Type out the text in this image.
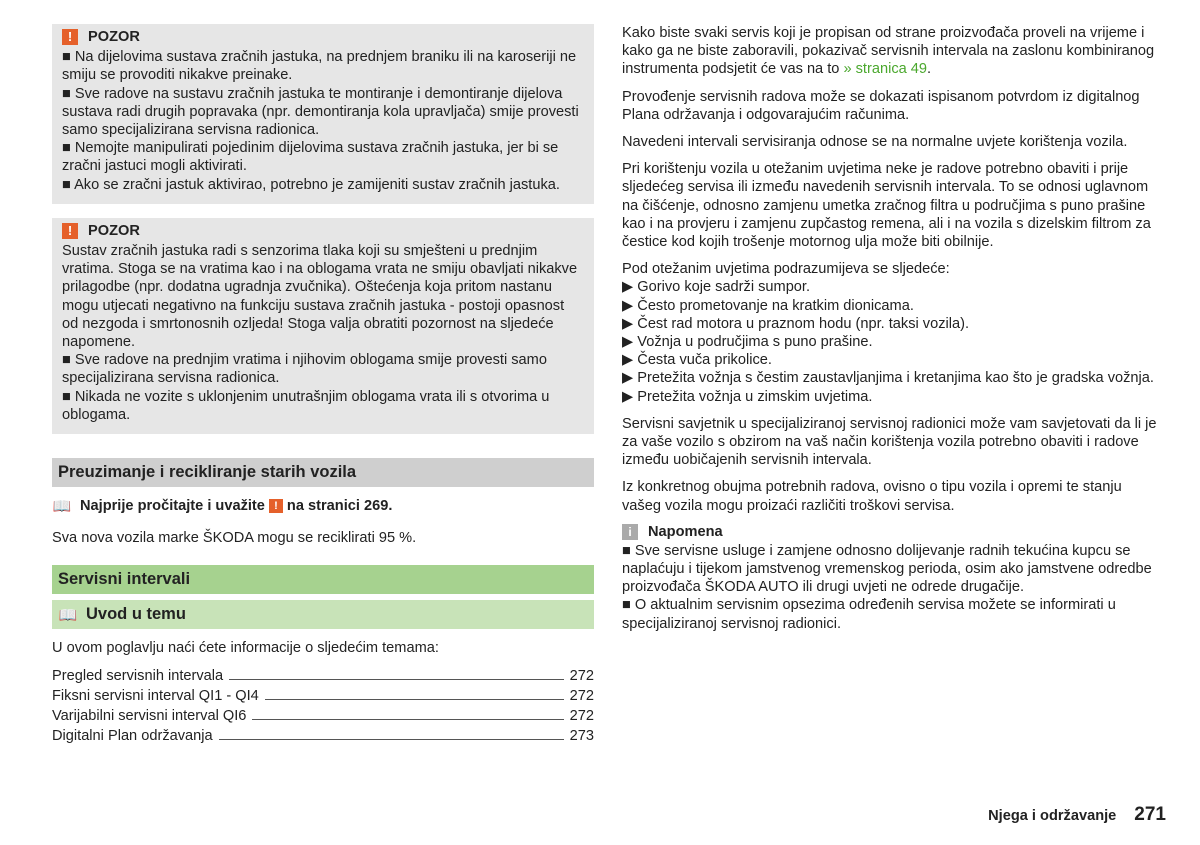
!	POZOR

■ Na dijelovima sustava zračnih jastuka, na prednjem braniku ili na karoseriji ne smiju se provoditi nikakve preinake.

■ Sve radove na sustavu zračnih jastuka te montiranje i demontiranje dijelova sustava radi drugih popravaka (npr. demontiranja kola upravljača) smije provesti samo specijalizirana servisna radionica.

■ Nemojte manipulirati pojedinim dijelovima sustava zračnih jastuka, jer bi se zračni jastuci mogli aktivirati.

■ Ako se zračni jastuk aktivirao, potrebno je zamijeniti sustav zračnih jastuka.

!	POZOR

Sustav zračnih jastuka radi s senzorima tlaka koji su smješteni u prednjim vratima. Stoga se na vratima kao i na oblogama vrata ne smiju obavljati nikakve prilagodbe (npr. dodatna ugradnja zvučnika). Oštećenja koja pritom nastanu mogu utjecati negativno na funkciju sustava zračnih jastuka - postoji opasnost od nezgoda i smrtonosnih ozljeda! Stoga valja obratiti pozornost na sljedeće napomene.

■ Sve radove na prednjim vratima i njihovim oblogama smije provesti samo specijalizirana servisna radionica.

■ Nikada ne vozite s uklonjenim unutrašnjim oblogama vrata ili s otvorima u oblogama.

Preuzimanje i recikliranje starih vozila
📖 Najprije pročitajte i uvažite ! na stranici 269.

Sva nova vozila marke ŠKODA mogu se reciklirati 95 %.

Servisni intervali
📖 Uvod u temu

U ovom poglavlju naći ćete informacije o sljedećim temama:

Pregled servisnih intervala	272
Fiksni servisni interval QI1 - QI4	272
Varijabilni servisni interval QI6	272
Digitalni Plan održavanja	273

Kako biste svaki servis koji je propisan od strane proizvođača proveli na vrijeme i kako ga ne biste zaboravili, pokazivač servisnih intervala na zaslonu kombiniranog instrumenta podsjetit će vas na to » stranica 49.

Provođenje servisnih radova može se dokazati ispisanom potvrdom iz digitalnog Plana održavanja i odgovarajućim računima.

Navedeni intervali servisiranja odnose se na normalne uvjete korištenja vozila.

Pri korištenju vozila u otežanim uvjetima neke je radove potrebno obaviti i prije sljedećeg servisa ili između navedenih servisnih intervala. To se odnosi uglavnom na čišćenje, odnosno zamjenu umetka zračnog filtra u područjima s puno prašine kao i na provjeru i zamjenu zupčastog remena, ali i na vozila s dizelskim filtrom za čestice kod kojih trošenje motornog ulja može biti obilnije.

Pod otežanim uvjetima podrazumijeva se sljedeće:

▶ Gorivo koje sadrži sumpor.
▶ Često prometovanje na kratkim dionicama.
▶ Čest rad motora u praznom hodu (npr. taksi vozila).
▶ Vožnja u područjima s puno prašine.
▶ Česta vuča prikolice.
▶ Pretežita vožnja s čestim zaustavljanjima i kretanjima kao što je gradska vožnja.
▶ Pretežita vožnja u zimskim uvjetima.

Servisni savjetnik u specijaliziranoj servisnoj radionici može vam savjetovati da li je za vaše vozilo s obzirom na vaš način korištenja vozila potrebno obaviti i radove između uobičajenih servisnih intervala.

Iz konkretnog obujma potrebnih radova, ovisno o tipu vozila i opremi te stanju vašeg vozila mogu proizaći različiti troškovi servisa.

i	Napomena

■ Sve servisne usluge i zamjene odnosno dolijevanje radnih tekućina kupcu se naplaćuju i tijekom jamstvenog vremenskog perioda, osim ako jamstvene odredbe proizvođača ŠKODA AUTO ili drugi uvjeti ne odrede drugačije.

■ O aktualnim servisnim opsezima određenih servisa možete se informirati u specijaliziranoj servisnoj radionici.

Njega i održavanje 271
